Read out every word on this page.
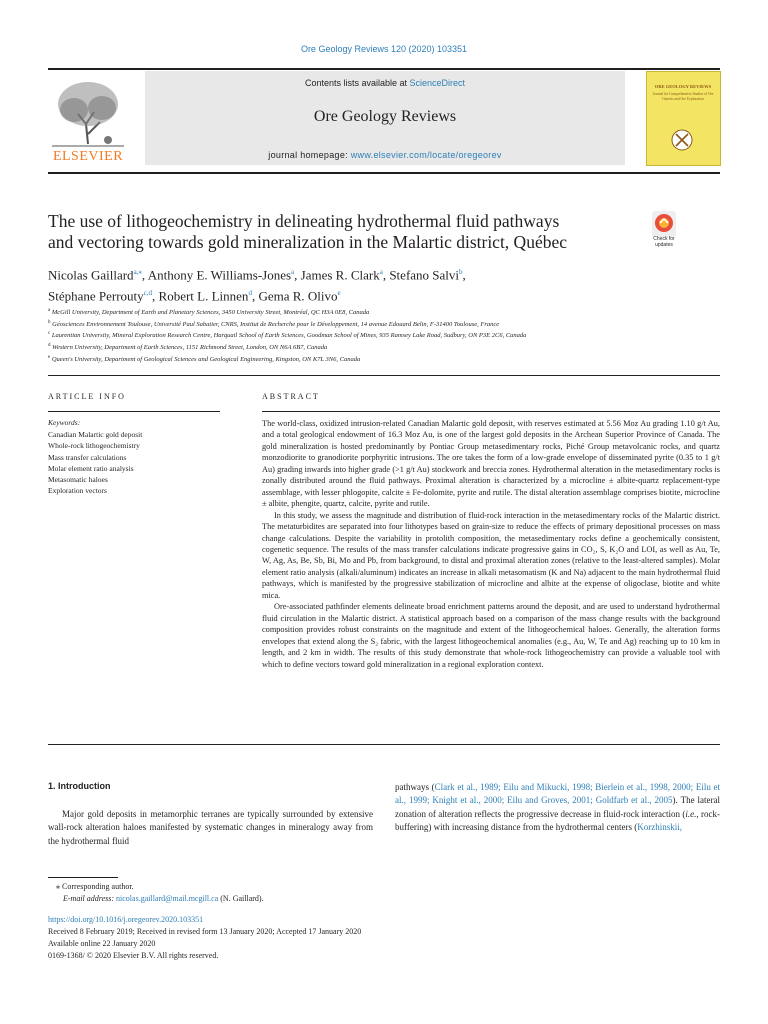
Ore Geology Reviews 120 (2020) 103351
ELSEVIER
Contents lists available at ScienceDirect
Ore Geology Reviews
journal homepage: www.elsevier.com/locate/oregeorev
ORE GEOLOGY REVIEWS
Journal for Comprehensive Studies of Ore Genesis and Ore Exploration
The use of lithogeochemistry in delineating hydrothermal fluid pathways
and vectoring towards gold mineralization in the Malartic district, Québec	Check for
updates
Nicolas Gaillard$^{a,⁎}$, Anthony E. Williams-Jones$^a$, James R. Clark$^a$, Stefano Salvi$^b$,
Stéphane Perrouty$^{c,d}$, Robert L. Linnen$^d$, Gema R. Olivo$^e$
$^a$ McGill University, Department of Earth and Planetary Sciences, 3450 University Street, Montréal, QC H3A 0E8, Canada
$^b$ Géosciences Environnement Toulouse, Université Paul Sabatier, CNRS, Institut de Recherche pour le Développement, 14 avenue Edouard Belin, F-31400 Toulouse, France
$^c$ Laurentian University, Mineral Exploration Research Centre, Harquail School of Earth Sciences, Goodman School of Mines, 935 Ramsey Lake Road, Sudbury, ON P3E 2C6, Canada
$^d$ Western University, Department of Earth Sciences, 1151 Richmond Street, London, ON N6A 6B7, Canada
$^e$ Queen's University, Department of Geological Sciences and Geological Engineering, Kingston, ON K7L 3N6, Canada
ARTICLE INFO
Keywords:
Canadian Malartic gold deposit
Whole-rock lithogeochemistry
Mass transfer calculations
Molar element ratio analysis
Metasomatic haloes
Exploration vectors
ABSTRACT

The world-class, oxidized intrusion-related Canadian Malartic gold deposit, with reserves estimated at 5.56 Moz Au grading 1.10 g/t Au, and a total geological endowment of 16.3 Moz Au, is one of the largest gold deposits in the Archean Superior Province of Canada. The gold mineralization is hosted predominantly by Pontiac Group metasedimentary rocks, Piché Group metavolcanic rocks, and quartz monzodiorite to granodiorite porphyritic intrusions. The ore takes the form of a low-grade envelope of disseminated pyrite (0.35 to 1 g/t Au) grading inwards into higher grade (>1 g/t Au) stockwork and breccia zones. Hydrothermal alteration in the metasedimentary rocks is zonally distributed around the fluid pathways. Proximal alteration is characterized by a microcline ± albite-quartz replacement-type assemblage, with lesser phlogopite, calcite ± Fe-dolomite, pyrite and rutile. The distal alteration assemblage comprises biotite, microcline ± albite, phengite, quartz, calcite, pyrite and rutile.

In this study, we assess the magnitude and distribution of fluid-rock interaction in the metasedimentary rocks of the Malartic district. The metaturbidites are separated into four lithotypes based on grain-size to reduce the effects of primary depositional processes on mass change calculations. Despite the variability in protolith composition, the metasedimentary rocks define a geochemically consistent, cogenetic sequence. The results of the mass transfer calculations indicate progressive gains in CO₂, S, K₂O and LOI, as well as Au, Te, W, Ag, As, Be, Sb, Bi, Mo and Pb, from background, to distal and proximal alteration zones (relative to the least-altered samples). Molar element ratio analysis (alkali/aluminum) indicates an increase in alkali metasomatism (K and Na) adjacent to the main hydrothermal fluid pathways, which is manifested by the progressive stabilization of microcline and albite at the expense of oligoclase, biotite and white mica.

Ore-associated pathfinder elements delineate broad enrichment patterns around the deposit, and are used to understand hydrothermal fluid circulation in the Malartic district. A statistical approach based on a comparison of the mass change results with the background composition provides robust constraints on the magnitude and extent of the lithogeochemical haloes. Generally, the alteration forms envelopes that extend along the S₂ fabric, with the largest lithogeochemical anomalies (e.g., Au, W, Te and Ag) reaching up to 10 km in length, and 2 km in width. The results of this study demonstrate that whole-rock lithogeochemistry can provide a valuable tool with which to define vectors toward gold mineralization in a regional exploration context.

1. Introduction
Major gold deposits in metamorphic terranes are typically surrounded by extensive wall-rock alteration haloes manifested by systematic changes in mineralogy away from the hydrothermal fluid
pathways (Clark et al., 1989; Eilu and Mikucki, 1998; Bierlein et al., 1998, 2000; Eilu et al., 1999; Knight et al., 2000; Eilu and Groves, 2001; Goldfarb et al., 2005). The lateral zonation of alteration reflects the progressive decrease in fluid-rock interaction (i.e., rock-buffering) with increasing distance from the hydrothermal centers (Korzhinskii,
⁎ Corresponding author.
E-mail address: nicolas.gaillard@mail.mcgill.ca (N. Gaillard).
https://doi.org/10.1016/j.oregeorev.2020.103351
Received 8 February 2019; Received in revised form 13 January 2020; Accepted 17 January 2020
Available online 22 January 2020
0169-1368/ © 2020 Elsevier B.V. All rights reserved.
